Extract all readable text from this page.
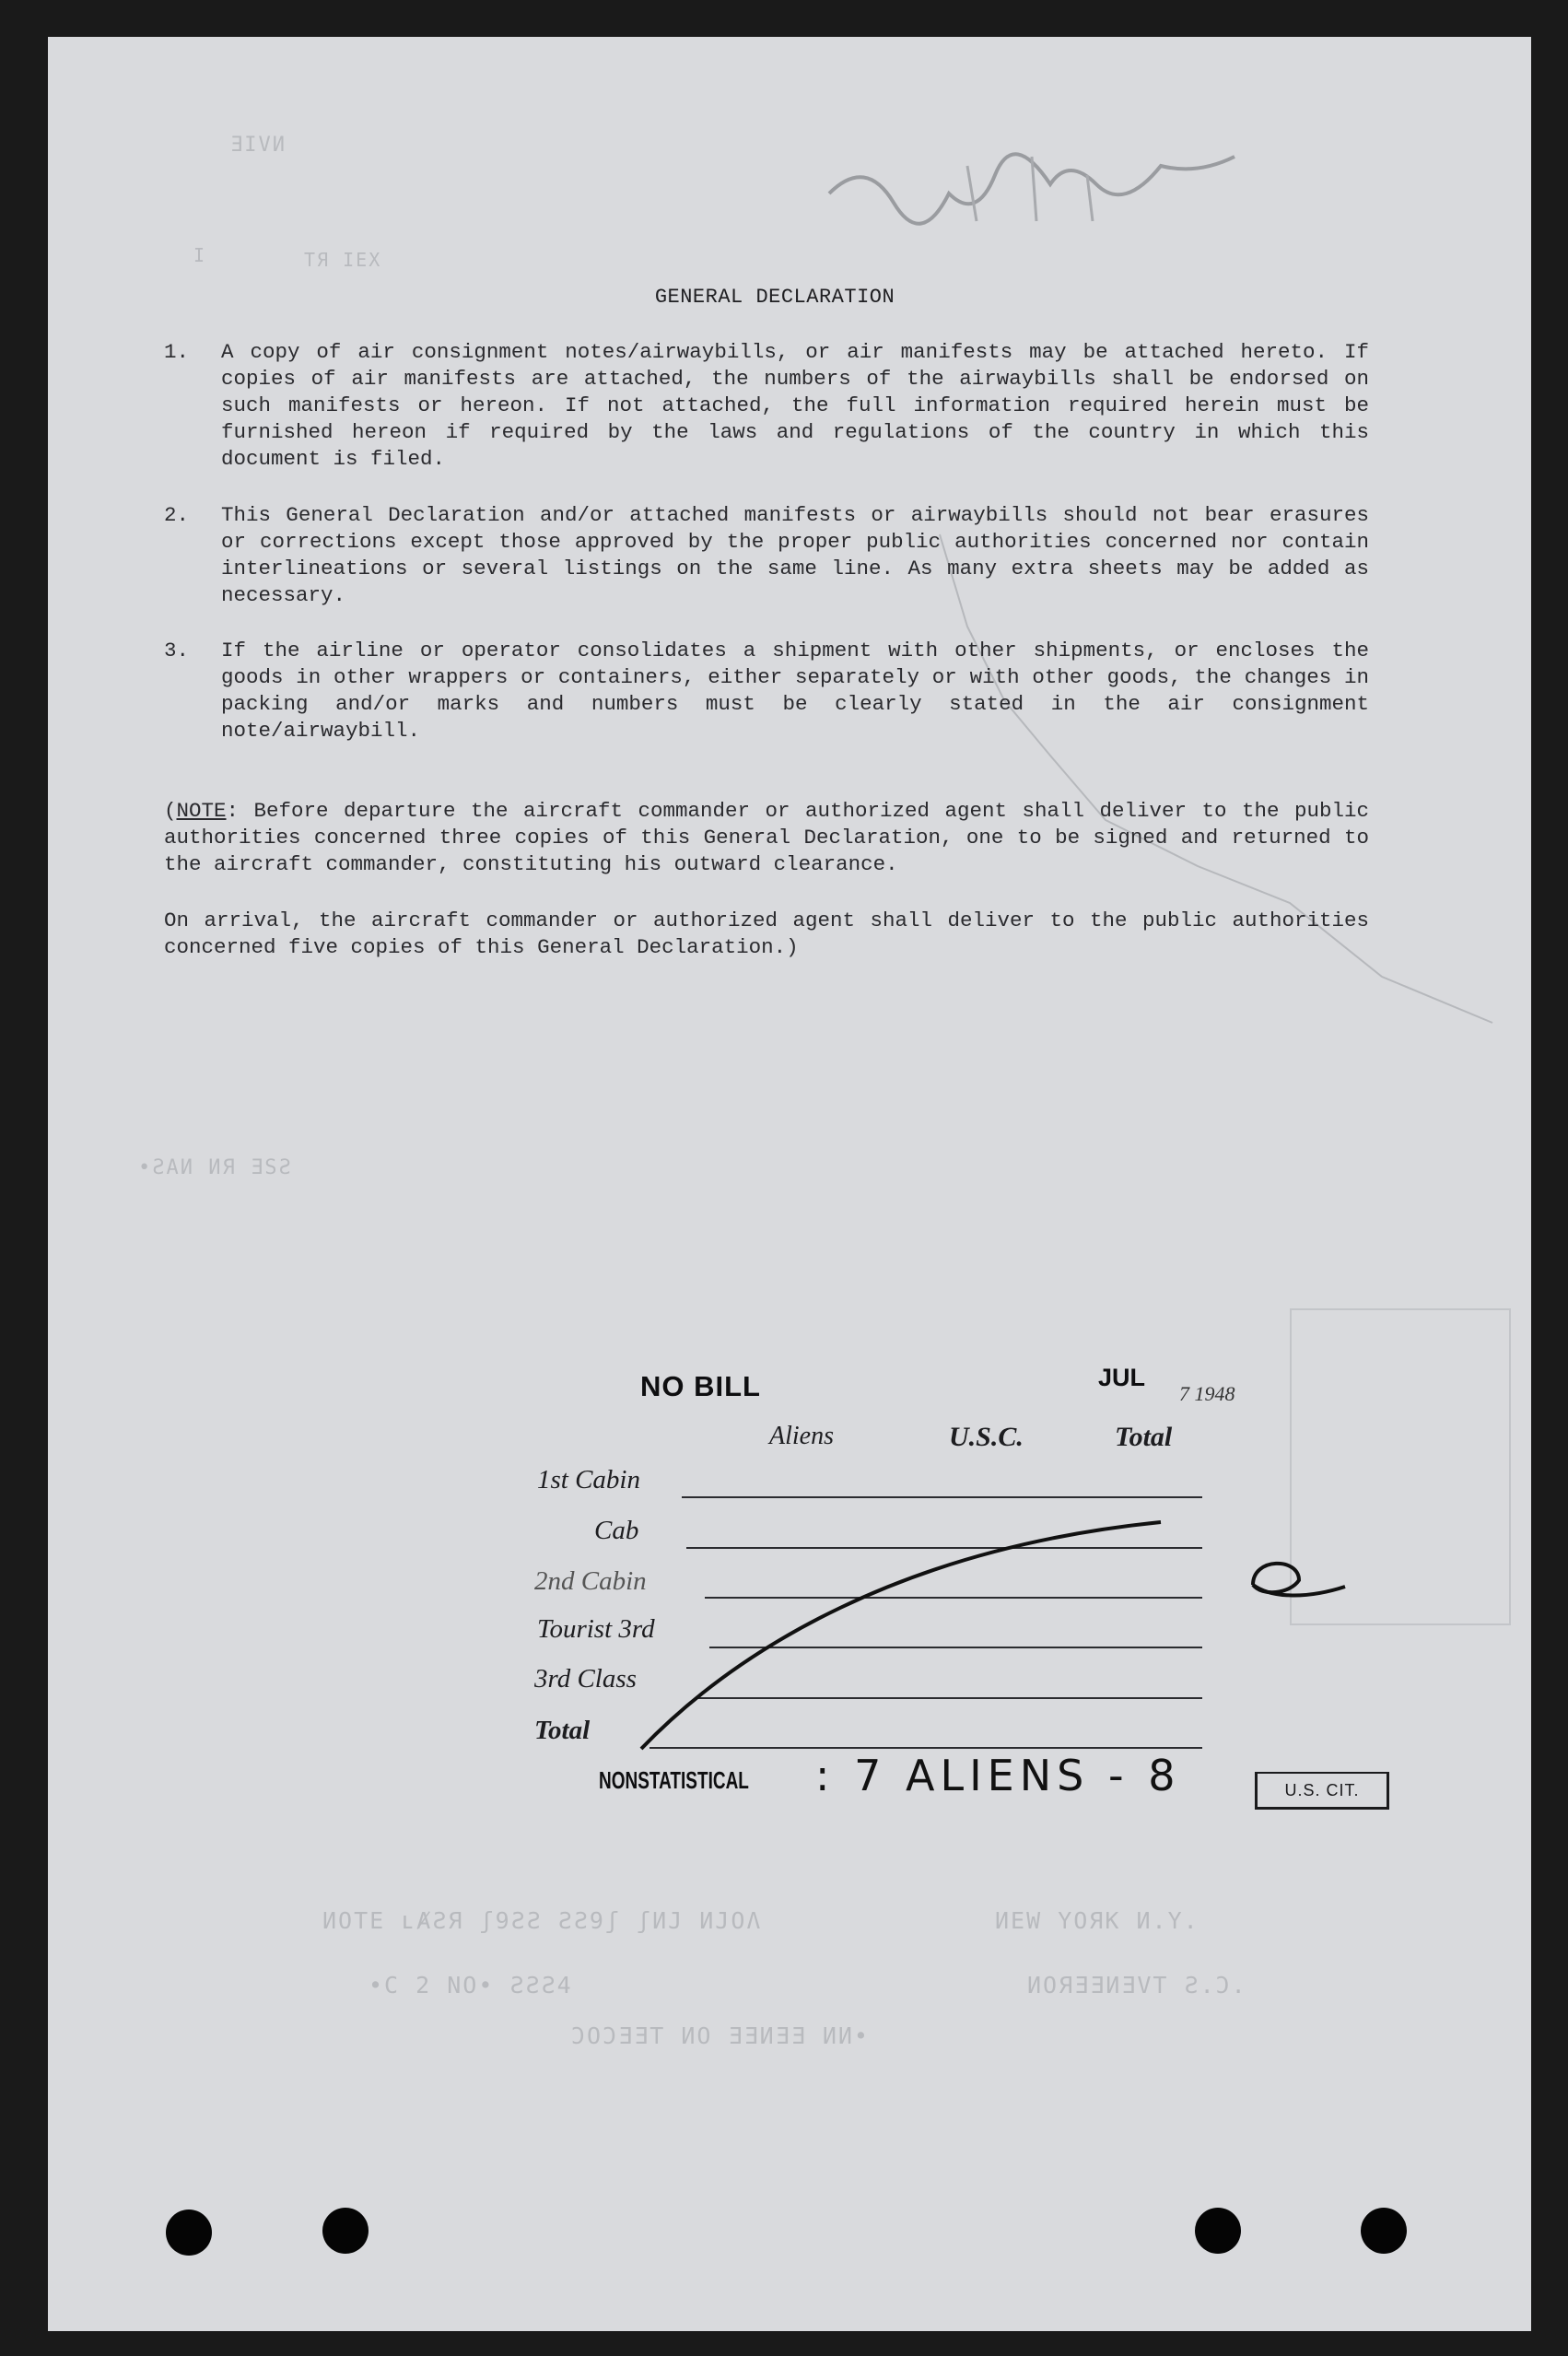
ƎIVИ
I	ТЯ ІЕХ
•ƧAИ ИЯ ƎSƧ
ИOTE ʟȺƧЯ ʃ9ƧƧ ƧƧ9ʃ ʃИJ ИJOɅ	ИEW YOЯK И.Y.
•C 2 NO• ƧƧƧ4	ИOЯƎƎИƎVT Ƨ.Ɔ.
ƆOƆƎƎT ИO ƎƎИƎƎ ИИ•
GENERAL DECLARATION
1. A copy of air consignment notes/airwaybills, or air manifests may be attached hereto. If copies of air manifests are attached, the numbers of the airwaybills shall be endorsed on such manifests or hereon. If not attached, the full information required herein must be furnished hereon if required by the laws and regulations of the country in which this document is filed.
2. This General Declaration and/or attached manifests or airwaybills should not bear erasures or corrections except those approved by the proper public authorities concerned nor contain interlineations or several listings on the same line. As many extra sheets may be added as necessary.
3. If the airline or operator consolidates a shipment with other shipments, or encloses the goods in other wrappers or containers, either separately or with other goods, the changes in packing and/or marks and numbers must be clearly stated in the air consignment note/airwaybill.
(NOTE: Before departure the aircraft commander or authorized agent shall deliver to the public authorities concerned three copies of this General Declaration, one to be signed and returned to the aircraft commander, constituting his outward clearance.
On arrival, the aircraft commander or authorized agent shall deliver to the public authorities concerned five copies of this General Declaration.)
NO BILL	JUL
7 1948
Aliens	U.S.C.	Total
1st Cabin
Cab
2nd Cabin
Tourist 3rd
3rd Class
Total
NONSTATISTICAL : 7 ALIENS - 8	U.S. CIT.
